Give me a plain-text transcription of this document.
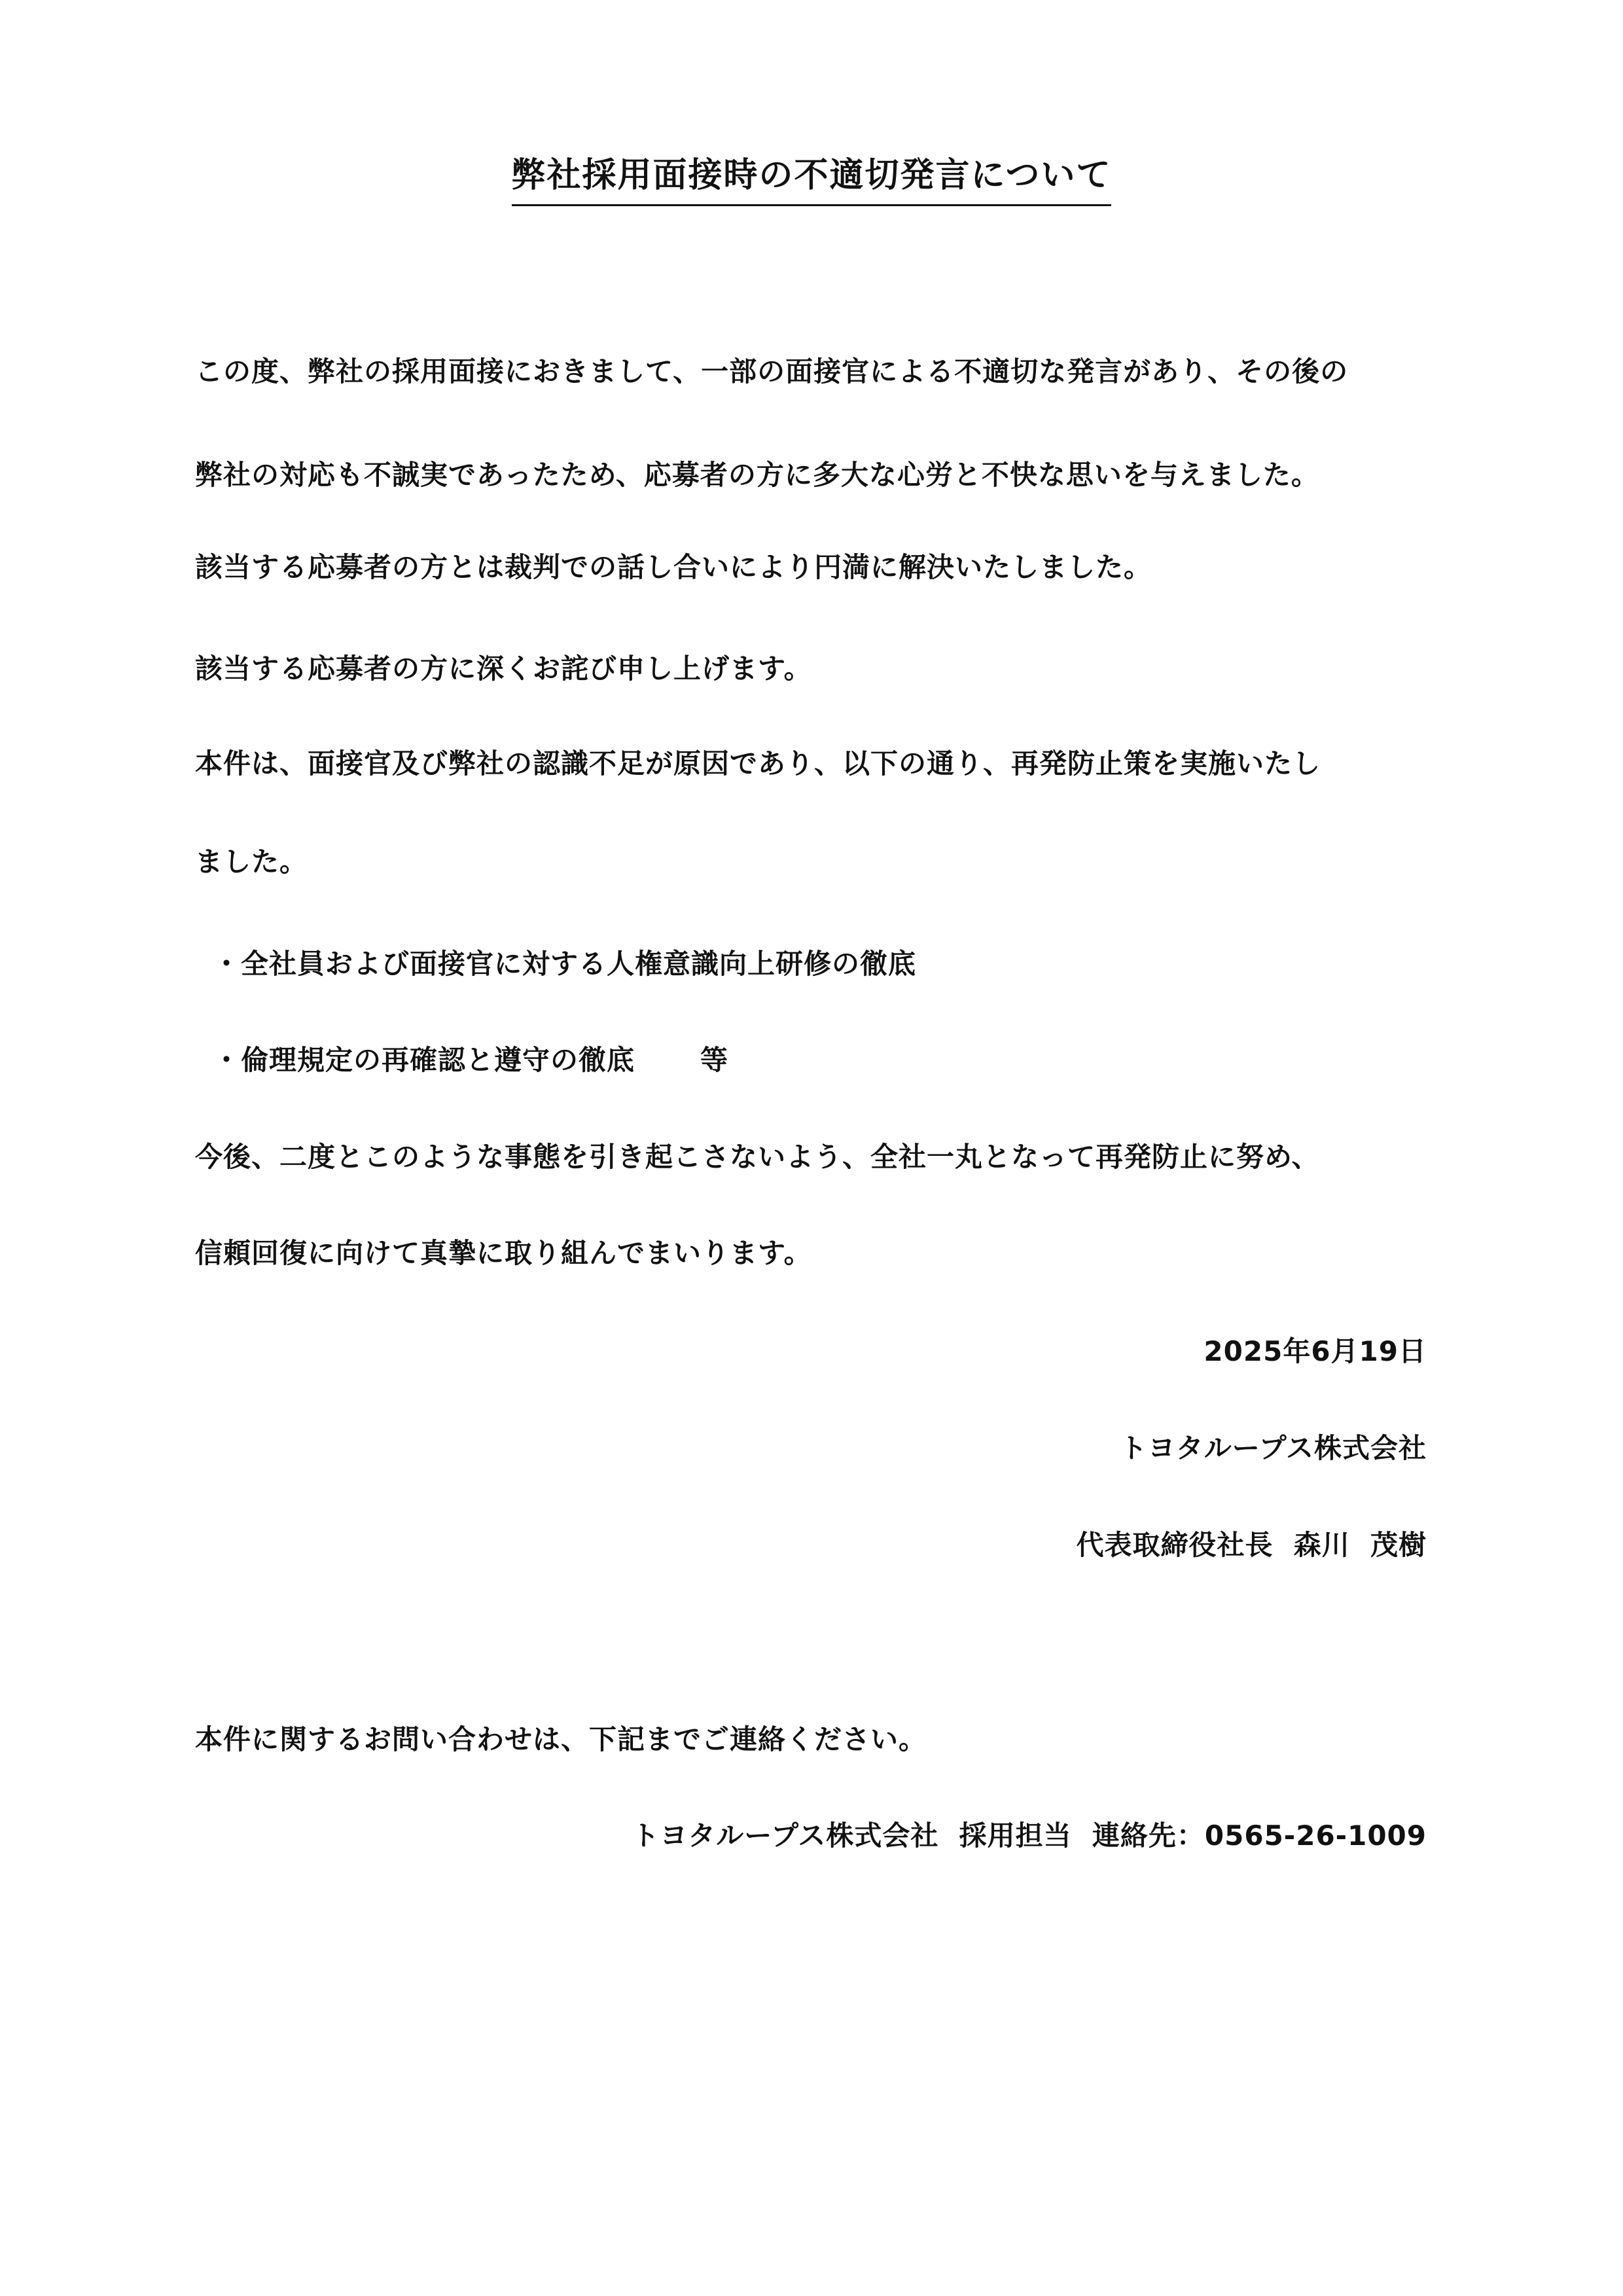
弊社採用面接時の不適切発言について
この度、弊社の採用面接におきまして、一部の面接官による不適切な発言があり、その後の
弊社の対応も不誠実であったため、応募者の方に多大な心労と不快な思いを与えました。
該当する応募者の方とは裁判での話し合いにより円満に解決いたしました。
該当する応募者の方に深くお詫び申し上げます。
本件は、面接官及び弊社の認識不足が原因であり、以下の通り、再発防止策を実施いたし
ました。
・全社員および面接官に対する人権意識向上研修の徹底
・倫理規定の再確認と遵守の徹底 等
今後、二度とこのような事態を引き起こさないよう、全社一丸となって再発防止に努め、
信頼回復に向けて真摯に取り組んでまいります。
2025年6月19日
トヨタループス株式会社
代表取締役社長  森川  茂樹
本件に関するお問い合わせは、下記までご連絡ください。
トヨタループス株式会社  採用担当  連絡先：0565-26-1009
